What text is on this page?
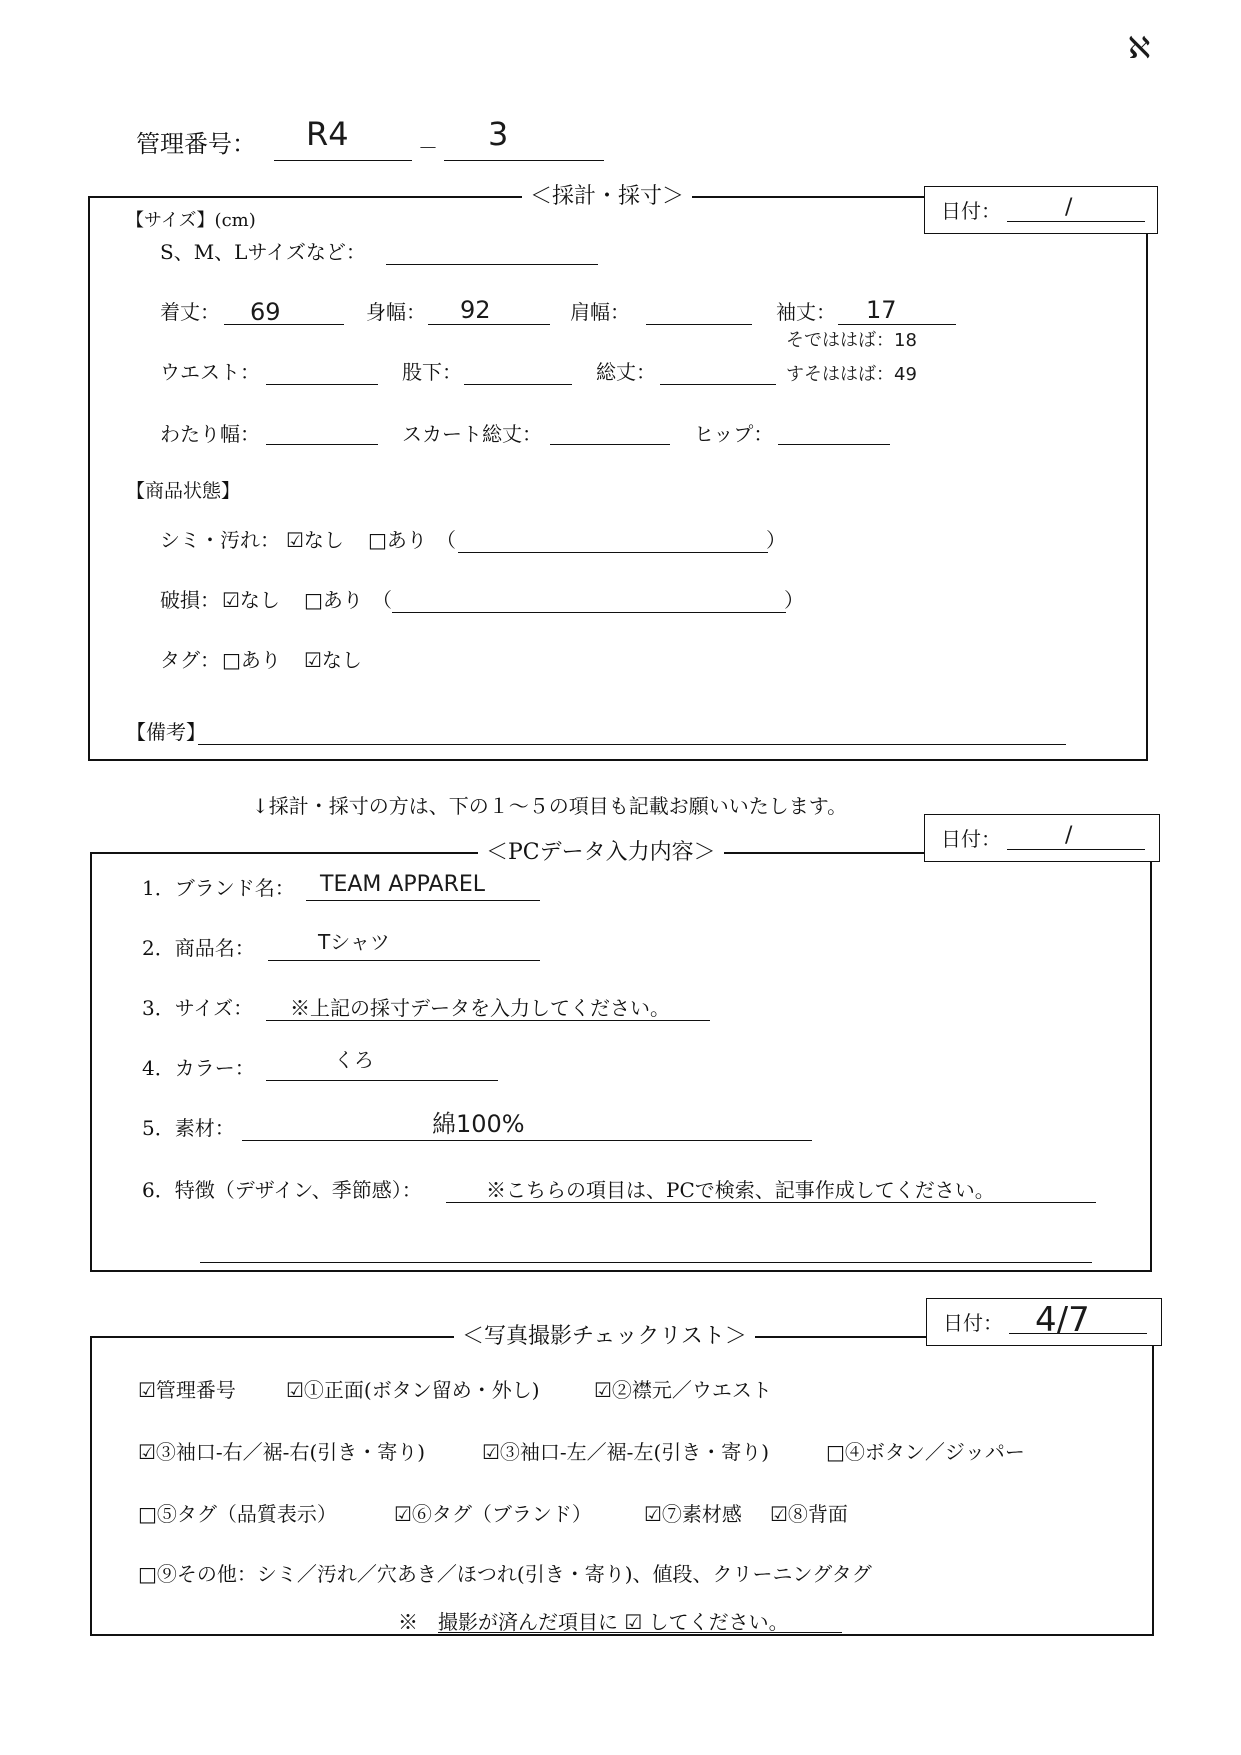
ℵ
管理番号： R4	－ 3
＜採計・採寸＞
日付：	/
【サイズ】(cm)
S、M、Lサイズなど：
着丈： 69	身幅： 92	肩幅：	袖丈： 17
そでははば：18
ウエスト：	股下：	総丈：	すそははば：49
わたり幅：	スカート総丈：	ヒップ：
【商品状態】
シミ・汚れ： ☑なし □あり （	）
破損： ☑なし □あり （	）
タグ： □あり ☑なし
【備考】
↓採計・採寸の方は、下の１～５の項目も記載お願いいたします。
＜PCデータ入力内容＞
日付：	/
1．ブランド名： TEAM APPAREL
2．商品名：	Tシャツ
3．サイズ： ※上記の採寸データを入力してください。
4．カラー：	くろ
5．素材：	綿100%
6．特徴（デザイン、季節感）：	※こちらの項目は、PCで検索、記事作成してください。
＜写真撮影チェックリスト＞
日付： 4/7
☑管理番号	☑①正面(ボタン留め・外し)	☑②襟元／ウエスト
☑③袖口-右／裾-右(引き・寄り)	☑③袖口-左／裾-左(引き・寄り)	□④ボタン／ジッパー
□⑤タグ（品質表示）	☑⑥タグ（ブランド）	☑⑦素材感 ☑⑧背面
□⑨その他：シミ／汚れ／穴あき／ほつれ(引き・寄り)、値段、クリーニングタグ
※　撮影が済んだ項目に ☑ してください。
